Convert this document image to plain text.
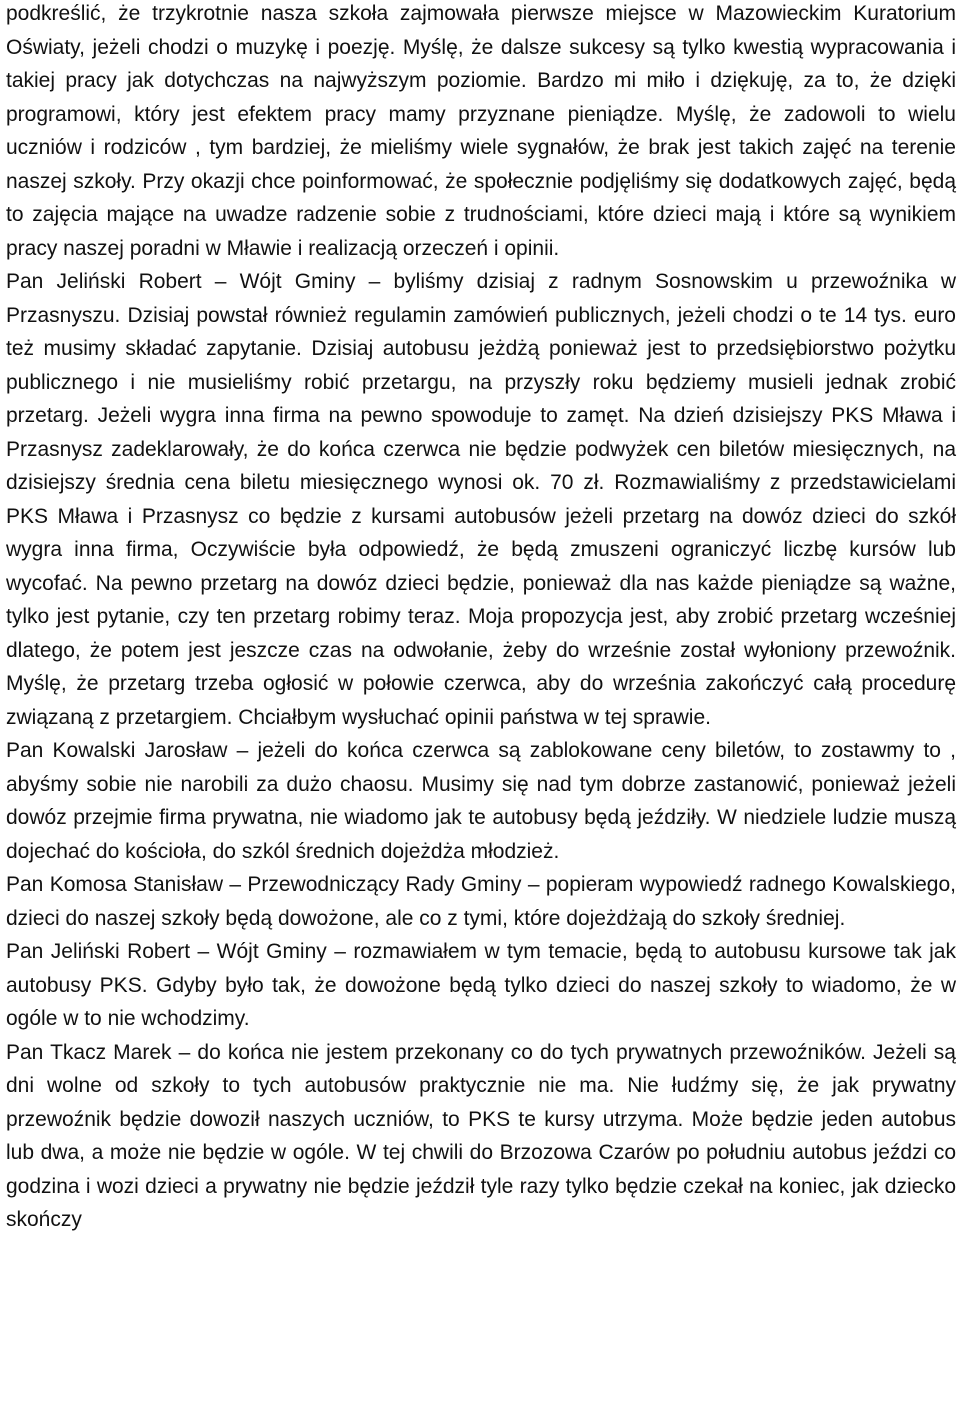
podkreślić, że trzykrotnie nasza szkoła zajmowała pierwsze miejsce w Mazowieckim Kuratorium Oświaty, jeżeli chodzi o muzykę i poezję. Myślę, że dalsze sukcesy są tylko kwestią wypracowania i takiej pracy jak dotychczas na najwyższym poziomie. Bardzo mi miło i dziękuję, za to, że dzięki programowi, który jest efektem pracy mamy przyznane pieniądze. Myślę, że zadowoli to wielu uczniów i rodziców , tym bardziej, że mieliśmy wiele sygnałów, że brak jest takich zajęć na terenie naszej szkoły. Przy okazji chce poinformować, że społecznie podjęliśmy się dodatkowych zajęć, będą to zajęcia mające na uwadze radzenie sobie z trudnościami, które dzieci mają i które są wynikiem pracy naszej poradni w Mławie i realizacją orzeczeń i opinii.

Pan Jeliński Robert – Wójt Gminy – byliśmy dzisiaj z radnym Sosnowskim u przewoźnika w Przasnyszu. Dzisiaj powstał również regulamin zamówień publicznych, jeżeli chodzi o te 14 tys. euro też musimy składać zapytanie. Dzisiaj autobusu jeżdżą ponieważ jest to przedsiębiorstwo pożytku publicznego i nie musieliśmy robić przetargu, na przyszły roku będziemy musieli jednak zrobić przetarg. Jeżeli wygra inna firma na pewno spowoduje to zamęt. Na dzień dzisiejszy PKS Mława i Przasnysz zadeklarowały, że do końca czerwca nie będzie podwyżek cen biletów miesięcznych, na dzisiejszy średnia cena biletu miesięcznego wynosi ok. 70 zł. Rozmawialiśmy z przedstawicielami PKS Mława i Przasnysz co będzie z kursami autobusów jeżeli przetarg na dowóz dzieci do szkół wygra inna firma, Oczywiście była odpowiedź, że będą zmuszeni ograniczyć liczbę kursów lub wycofać. Na pewno przetarg na dowóz dzieci będzie, ponieważ dla nas każde pieniądze są ważne, tylko jest pytanie, czy ten przetarg robimy teraz. Moja propozycja jest, aby zrobić przetarg wcześniej dlatego, że potem jest jeszcze czas na odwołanie, żeby do wrześnie został wyłoniony przewoźnik. Myślę, że przetarg trzeba ogłosić w połowie czerwca, aby do września zakończyć całą procedurę związaną z przetargiem. Chciałbym wysłuchać opinii państwa w tej sprawie.

Pan Kowalski Jarosław – jeżeli do końca czerwca są zablokowane ceny biletów, to zostawmy to , abyśmy sobie nie narobili za dużo chaosu. Musimy się nad tym dobrze zastanowić, ponieważ jeżeli dowóz przejmie firma prywatna, nie wiadomo jak te autobusy będą jeździły. W niedziele ludzie muszą dojechać do kościoła, do szkól średnich dojeżdża młodzież.

Pan Komosa Stanisław – Przewodniczący Rady Gminy – popieram wypowiedź radnego Kowalskiego, dzieci do naszej szkoły będą dowożone, ale co z tymi, które dojeżdżają do szkoły średniej.

Pan Jeliński Robert – Wójt Gminy – rozmawiałem w tym temacie, będą to autobusu kursowe tak jak autobusy PKS. Gdyby było tak, że dowożone będą tylko dzieci do naszej szkoły to wiadomo, że w ogóle w to nie wchodzimy.

Pan Tkacz Marek – do końca nie jestem przekonany co do tych prywatnych przewoźników. Jeżeli są dni wolne od szkoły to tych autobusów praktycznie nie ma. Nie łudźmy się, że jak prywatny przewoźnik będzie dowoził naszych uczniów, to PKS te kursy utrzyma. Może będzie jeden autobus lub dwa, a może nie będzie w ogóle. W tej chwili do Brzozowa Czarów po południu autobus jeździ co godzina i wozi dzieci a prywatny nie będzie jeździł tyle razy tylko będzie czekał na koniec, jak dziecko skończy
